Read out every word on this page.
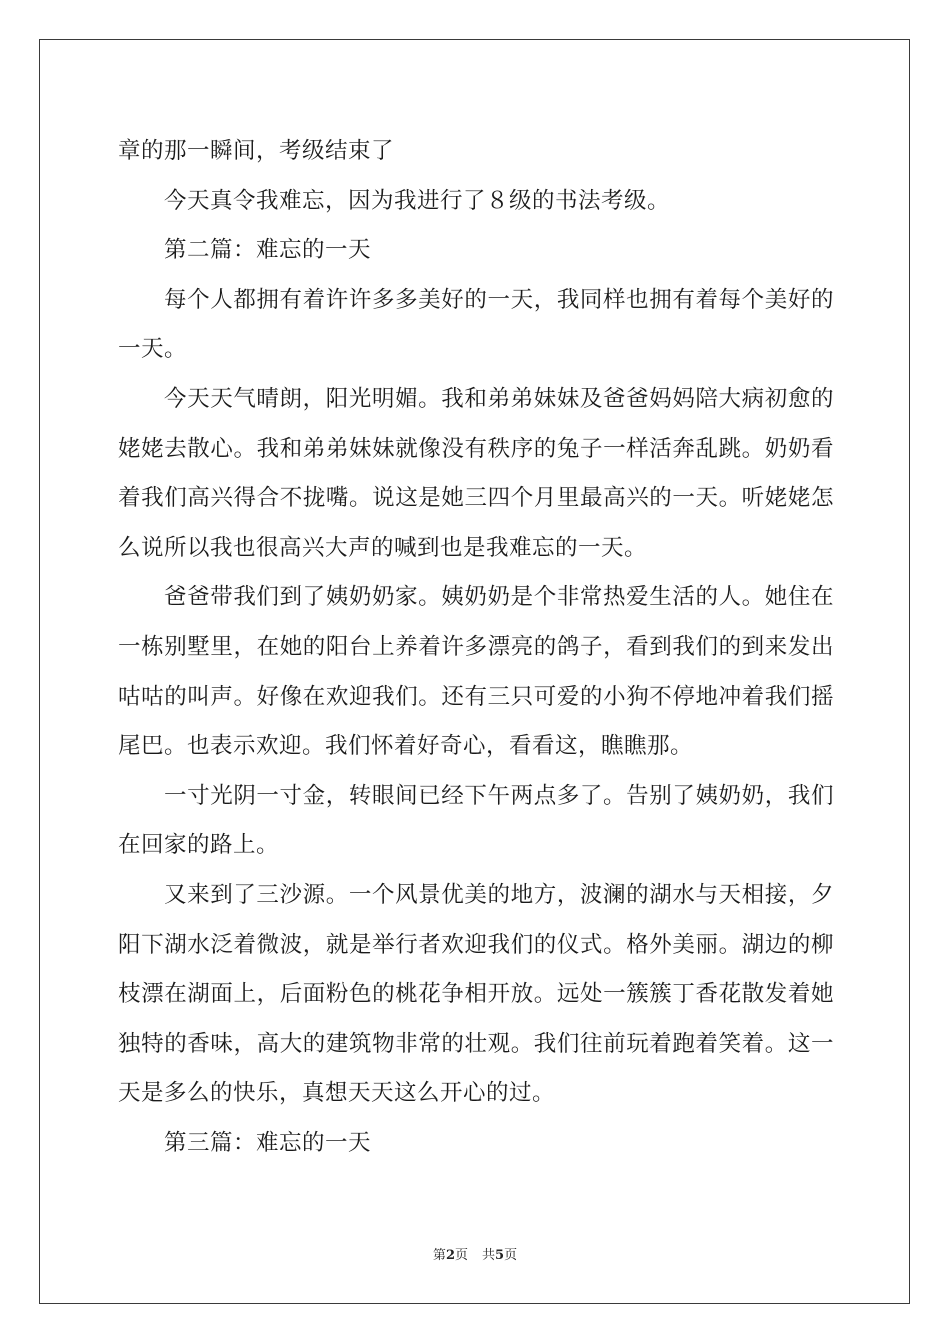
章的那一瞬间，考级结束了

今天真令我难忘，因为我进行了８级的书法考级。

第二篇：难忘的一天

每个人都拥有着许许多多美好的一天，我同样也拥有着每个美好的一天。

今天天气晴朗，阳光明媚。我和弟弟妹妹及爸爸妈妈陪大病初愈的姥姥去散心。我和弟弟妹妹就像没有秩序的兔子一样活奔乱跳。奶奶看着我们高兴得合不拢嘴。说这是她三四个月里最高兴的一天。听姥姥怎么说所以我也很高兴大声的喊到也是我难忘的一天。

爸爸带我们到了姨奶奶家。姨奶奶是个非常热爱生活的人。她住在一栋别墅里，在她的阳台上养着许多漂亮的鸽子，看到我们的到来发出咕咕的叫声。好像在欢迎我们。还有三只可爱的小狗不停地冲着我们摇尾巴。也表示欢迎。我们怀着好奇心，看看这，瞧瞧那。

一寸光阴一寸金，转眼间已经下午两点多了。告别了姨奶奶，我们在回家的路上。

又来到了三沙源。一个风景优美的地方，波澜的湖水与天相接，夕阳下湖水泛着微波，就是举行者欢迎我们的仪式。格外美丽。湖边的柳枝漂在湖面上，后面粉色的桃花争相开放。远处一簇簇丁香花散发着她独特的香味，高大的建筑物非常的壮观。我们往前玩着跑着笑着。这一天是多么的快乐，真想天天这么开心的过。

第三篇：难忘的一天

第2页 共5页
